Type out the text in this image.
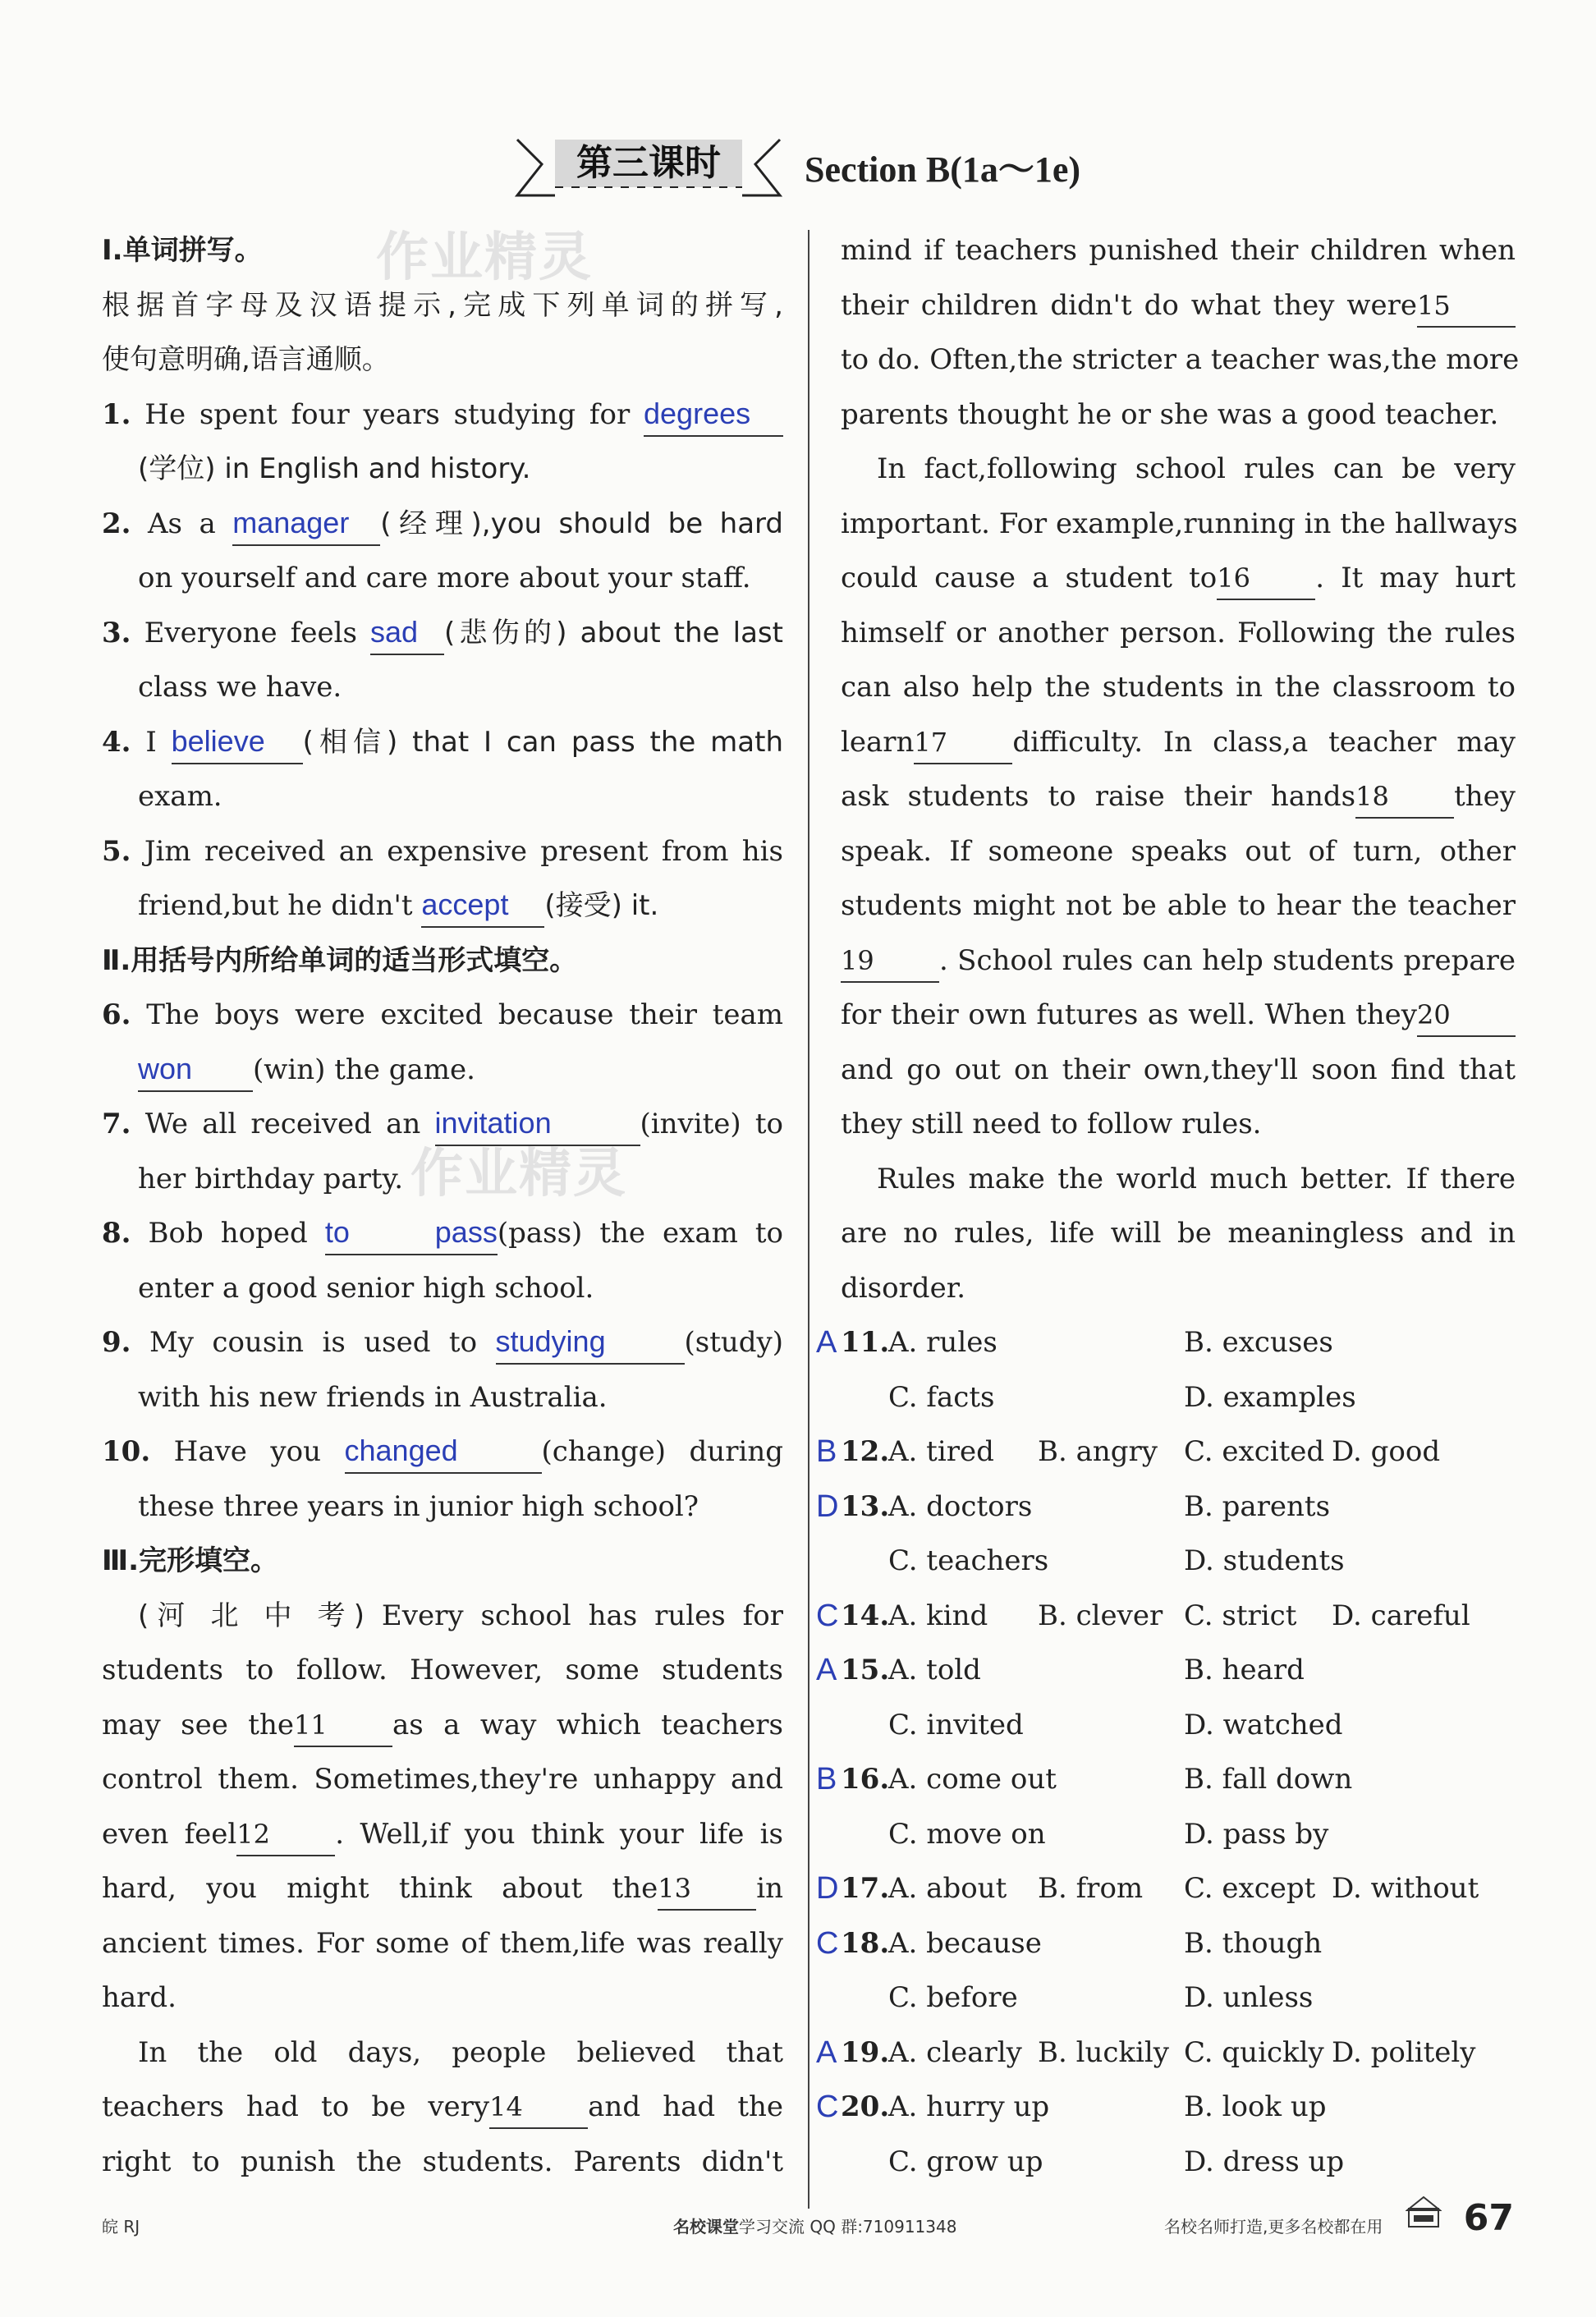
作业精灵
作业精灵
第三课时	Section B(1a～1e)
Ⅰ.单词拼写。
根据首字母及汉语提示,完成下列单词的拼写,
使句意明确,语言通顺。
1. He spent four years studying for degrees
(学位) in English and history.
2. As a manager (经理),you should be hard
on yourself and care more about your staff.
3. Everyone feels sad (悲伤的) about the last
class we have.
4. I believe (相信) that I can pass the math
exam.
5. Jim received an expensive present from his
friend,but he didn't accept (接受) it.
Ⅱ.用括号内所给单词的适当形式填空。
6. The boys were excited because their team
won (win) the game.
7. We all received an invitation	(invite) to
her birthday party.
8. Bob hoped to pass(pass) the exam to
enter a good senior high school.
9. My cousin is used to studying	(study)
with his new friends in Australia.
10. Have you changed	(change) during
these three years in junior high school?
Ⅲ.完形填空。
(河 北 中 考) Every school has rules for
students to follow. However, some students
may see the11 as a way which teachers
control them. Sometimes,they're unhappy and
even feel12 . Well,if you think your life is
hard, you might think about the13 in
ancient times. For some of them,life was really
hard.
In the old days, people believed that
teachers had to be very14 and had the
right to punish the students. Parents didn't
mind if teachers punished their children when
their children didn't do what they were15
to do. Often,the stricter a teacher was,the more
parents thought he or she was a good teacher.
In fact,following school rules can be very
important. For example,running in the hallways
could cause a student to16 . It may hurt
himself or another person. Following the rules
can also help the students in the classroom to
learn17 difficulty. In class,a teacher may
ask students to raise their hands18 they
speak. If someone speaks out of turn, other
students might not be able to hear the teacher
19 . School rules can help students prepare
for their own futures as well. When they20
and go out on their own,they'll soon find that
they still need to follow rules.
Rules make the world much better. If there
are no rules, life will be meaningless and in
disorder.
A 11.
A. rules	B. excuses
C. facts	D. examples
B 12.
A. tired B. angry C. excited D. good
D 13.
A. doctors	B. parents
C. teachers	D. students
C 14.
A. kind B. clever C. strict D. careful
A 15.
A. told	B. heard
C. invited	D. watched
B 16.
A. come out	B. fall down
C. move on	D. pass by
D 17.
A. about B. from C. except D. without
C 18.
A. because	B. though
C. before	D. unless
A 19.
A. clearly B. luckily C. quickly D. politely
C 20.
A. hurry up	B. look up
C. grow up	D. dress up
皖 RJ	名校课堂学习交流 QQ 群:710911348	名校名师打造,更多名校都在用 67
